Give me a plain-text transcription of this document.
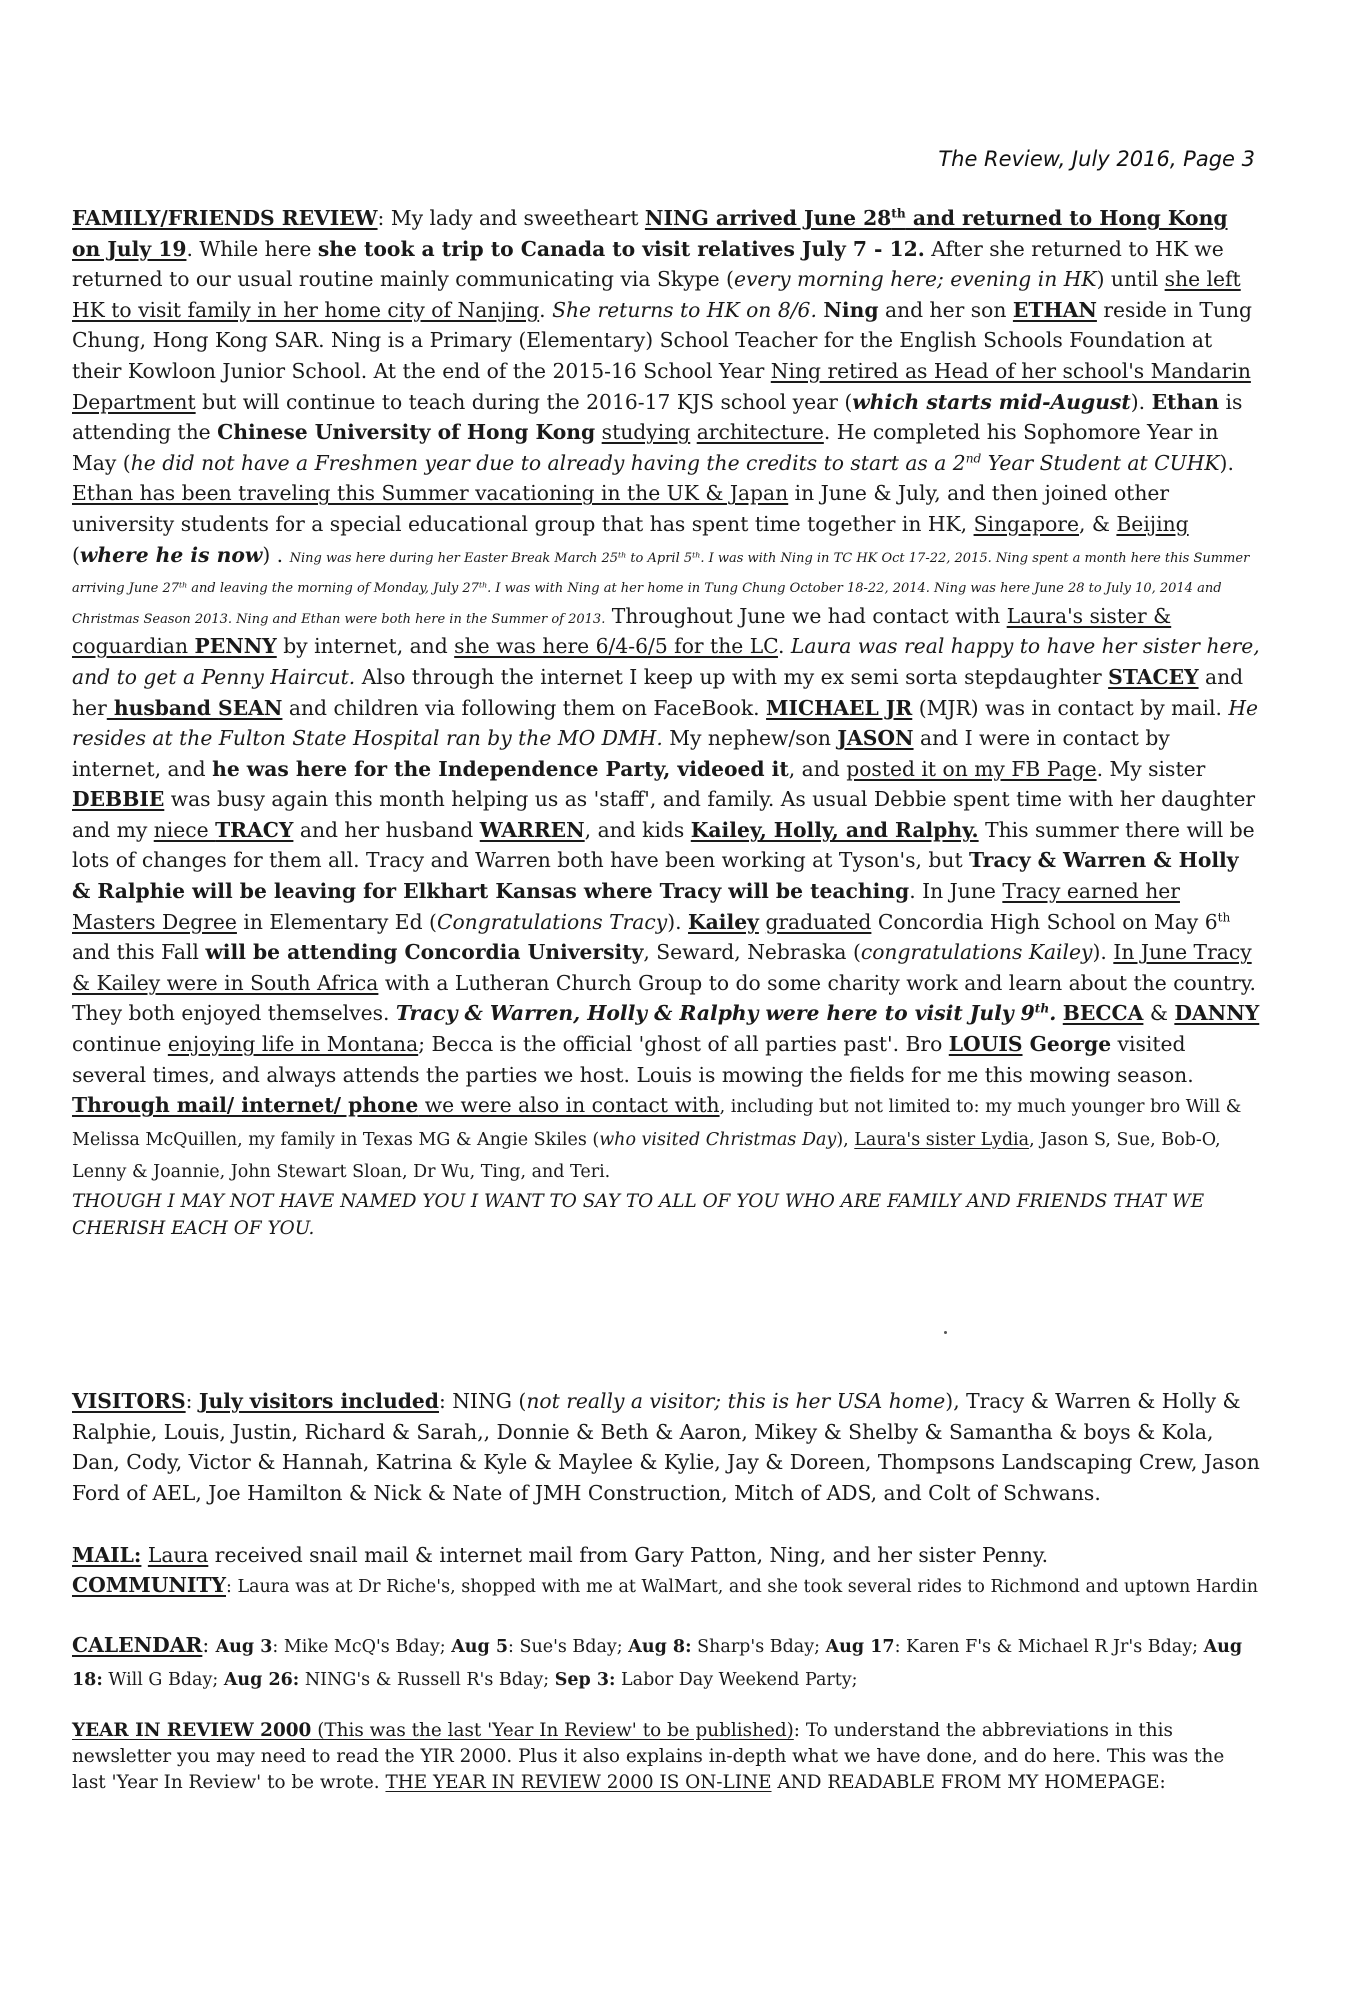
The Review, July 2016, Page 3

FAMILY/FRIENDS REVIEW: My lady and sweetheart NING arrived June 28th and returned to Hong Kong on July 19. While here she took a trip to Canada to visit relatives July 7 - 12. After she returned to HK we returned to our usual routine mainly communicating via Skype (every morning here; evening in HK) until she left HK to visit family in her home city of Nanjing. She returns to HK on 8/6. Ning and her son ETHAN reside in Tung Chung, Hong Kong SAR. Ning is a Primary (Elementary) School Teacher for the English Schools Foundation at their Kowloon Junior School. At the end of the 2015-16 School Year Ning retired as Head of her school's Mandarin Department but will continue to teach during the 2016-17 KJS school year (which starts mid-August). Ethan is attending the Chinese University of Hong Kong studying architecture. He completed his Sophomore Year in May (he did not have a Freshmen year due to already having the credits to start as a 2nd Year Student at CUHK). Ethan has been traveling this Summer vacationing in the UK & Japan in June & July, and then joined other university students for a special educational group that has spent time together in HK, Singapore, & Beijing (where he is now) . Ning was here during her Easter Break March 25th to April 5th. I was with Ning in TC HK Oct 17-22, 2015. Ning spent a month here this Summer arriving June 27th and leaving the morning of Monday, July 27th. I was with Ning at her home in Tung Chung October 18-22, 2014. Ning was here June 28 to July 10, 2014 and Christmas Season 2013. Ning and Ethan were both here in the Summer of 2013. Throughout June we had contact with Laura's sister & coguardian PENNY by internet, and she was here 6/4-6/5 for the LC. Laura was real happy to have her sister here, and to get a Penny Haircut. Also through the internet I keep up with my ex semi sorta stepdaughter STACEY and her husband SEAN and children via following them on FaceBook. MICHAEL JR (MJR) was in contact by mail. He resides at the Fulton State Hospital ran by the MO DMH. My nephew/son JASON and I were in contact by internet, and he was here for the Independence Party, videoed it, and posted it on my FB Page. My sister DEBBIE was busy again this month helping us as 'staff', and family. As usual Debbie spent time with her daughter and my niece TRACY and her husband WARREN, and kids Kailey, Holly, and Ralphy. This summer there will be lots of changes for them all. Tracy and Warren both have been working at Tyson's, but Tracy & Warren & Holly & Ralphie will be leaving for Elkhart Kansas where Tracy will be teaching. In June Tracy earned her Masters Degree in Elementary Ed (Congratulations Tracy). Kailey graduated Concordia High School on May 6th and this Fall will be attending Concordia University, Seward, Nebraska (congratulations Kailey). In June Tracy & Kailey were in South Africa with a Lutheran Church Group to do some charity work and learn about the country. They both enjoyed themselves. Tracy & Warren, Holly & Ralphy were here to visit July 9th. BECCA & DANNY continue enjoying life in Montana; Becca is the official 'ghost of all parties past'. Bro LOUIS George visited several times, and always attends the parties we host. Louis is mowing the fields for me this mowing season. Through mail/ internet/ phone we were also in contact with, including but not limited to: my much younger bro Will & Melissa McQuillen, my family in Texas MG & Angie Skiles (who visited Christmas Day), Laura's sister Lydia, Jason S, Sue, Bob-O, Lenny & Joannie, John Stewart Sloan, Dr Wu, Ting, and Teri.

THOUGH I MAY NOT HAVE NAMED YOU I WANT TO SAY TO ALL OF YOU WHO ARE FAMILY AND FRIENDS THAT WE CHERISH EACH OF YOU.

VISITORS: July visitors included: NING (not really a visitor; this is her USA home), Tracy & Warren & Holly & Ralphie, Louis, Justin, Richard & Sarah,, Donnie & Beth & Aaron, Mikey & Shelby & Samantha & boys & Kola, Dan, Cody, Victor & Hannah, Katrina & Kyle & Maylee & Kylie, Jay & Doreen, Thompsons Landscaping Crew, Jason Ford of AEL, Joe Hamilton & Nick & Nate of JMH Construction, Mitch of ADS, and Colt of Schwans.

MAIL: Laura received snail mail & internet mail from Gary Patton, Ning, and her sister Penny.

COMMUNITY: Laura was at Dr Riche's, shopped with me at WalMart, and she took several rides to Richmond and uptown Hardin

CALENDAR: Aug 3: Mike McQ's Bday; Aug 5: Sue's Bday; Aug 8: Sharp's Bday; Aug 17: Karen F's & Michael R Jr's Bday; Aug 18: Will G Bday; Aug 26: NING's & Russell R's Bday; Sep 3: Labor Day Weekend Party;

YEAR IN REVIEW 2000 (This was the last 'Year In Review' to be published): To understand the abbreviations in this newsletter you may need to read the YIR 2000. Plus it also explains in-depth what we have done, and do here. This was the last 'Year In Review' to be wrote. THE YEAR IN REVIEW 2000 IS ON-LINE AND READABLE FROM MY HOMEPAGE:
